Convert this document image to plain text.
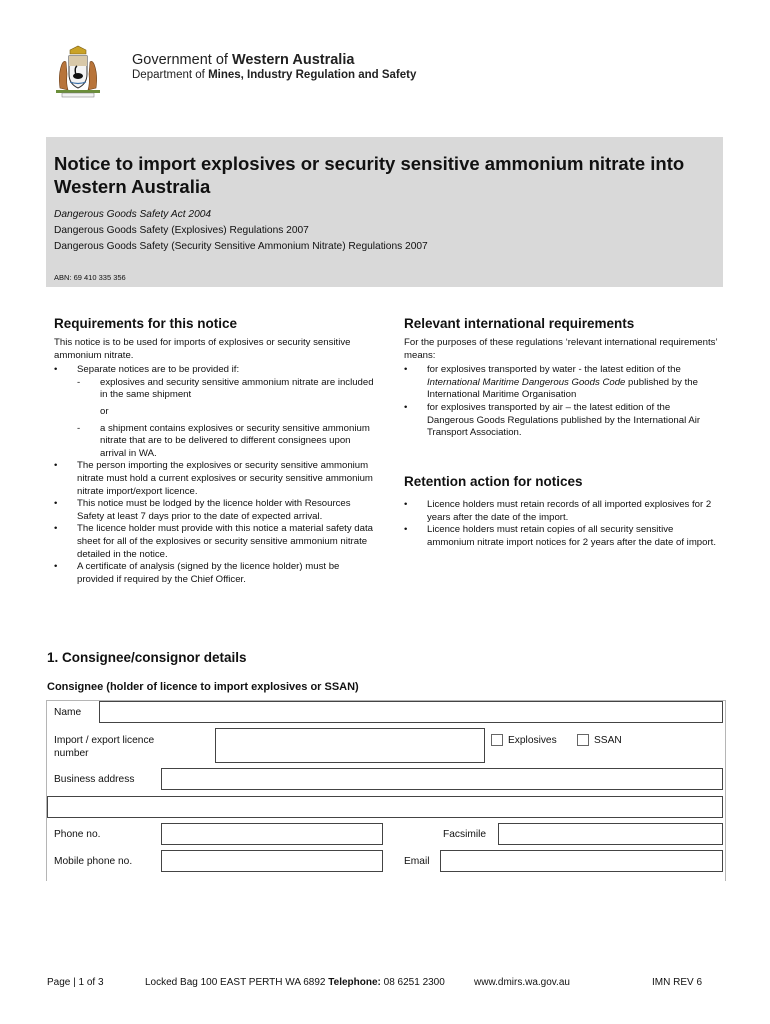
Government of Western Australia
Department of Mines, Industry Regulation and Safety
Notice to import explosives or security sensitive ammonium nitrate into Western Australia
Dangerous Goods Safety Act 2004
Dangerous Goods Safety (Explosives) Regulations 2007
Dangerous Goods Safety (Security Sensitive Ammonium Nitrate) Regulations 2007
ABN: 69 410 335 356
Requirements for this notice
This notice is to be used for imports of explosives or security sensitive ammonium nitrate.
• Separate notices are to be provided if:
- explosives and security sensitive ammonium nitrate are included in the same shipment
or
- a shipment contains explosives or security sensitive ammonium nitrate that are to be delivered to different consignees upon arrival in WA.
• The person importing the explosives or security sensitive ammonium nitrate must hold a current explosives or security sensitive ammonium nitrate import/export licence.
• This notice must be lodged by the licence holder with Resources Safety at least 7 days prior to the date of expected arrival.
• The licence holder must provide with this notice a material safety data sheet for all of the explosives or security sensitive ammonium nitrate detailed in the notice.
• A certificate of analysis (signed by the licence holder) must be provided if required by the Chief Officer.
Relevant international requirements
For the purposes of these regulations ‘relevant international requirements’ means:
• for explosives transported by water - the latest edition of the International Maritime Dangerous Goods Code published by the International Maritime Organisation
• for explosives transported by air – the latest edition of the
Dangerous Goods Regulations published by the International Air Transport Association.
Retention action for notices
• Licence holders must retain records of all imported explosives for 2 years after the date of the import.
• Licence holders must retain copies of all security sensitive ammonium nitrate import notices for 2 years after the date of import.
1. Consignee/consignor details
Consignee (holder of licence to import explosives or SSAN)
Name
Import / export licence
number
Explosives	SSAN
Business address
Phone no.	Facsimile
Mobile phone no.	Email
Page | 1 of 3	Locked Bag 100 EAST PERTH WA 6892 Telephone: 08 6251 2300	www.dmirs.wa.gov.au	IMN REV 6
